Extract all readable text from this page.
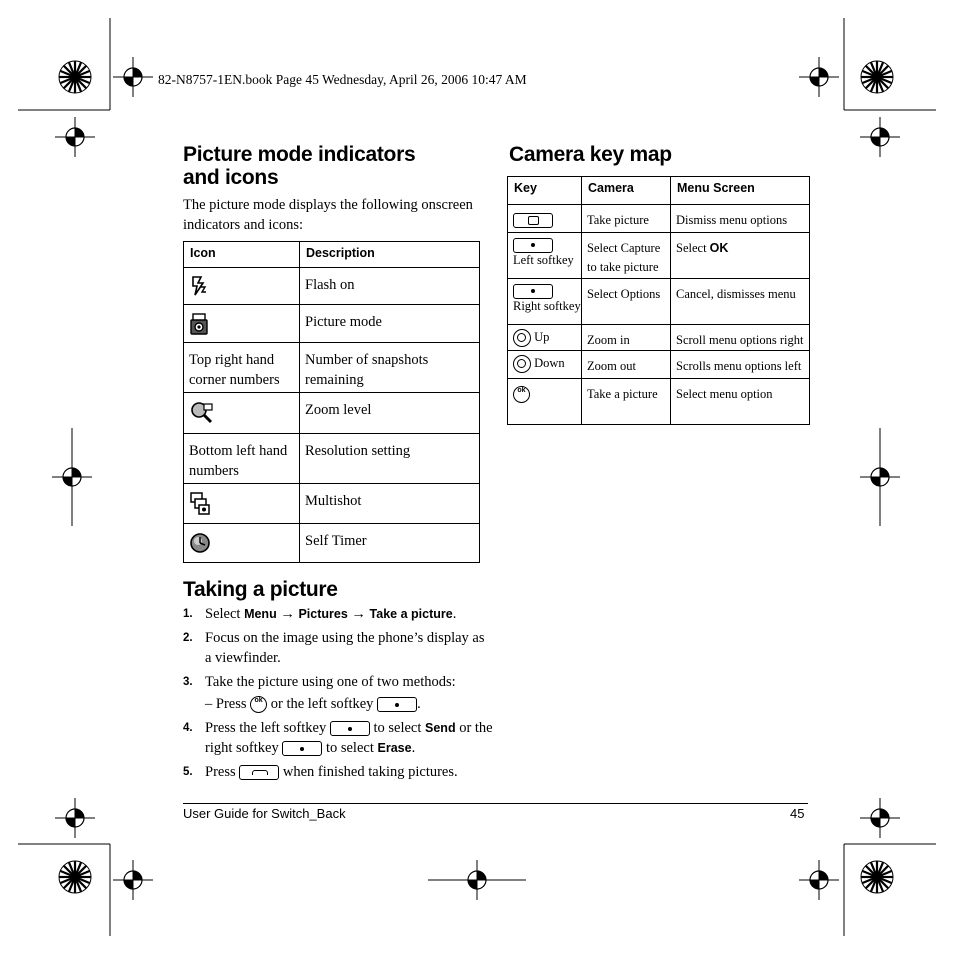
82-N8757-1EN.book Page 45 Wednesday, April 26, 2006 10:47 AM
Picture mode indicators
and icons
The picture mode displays the following onscreen indicators and icons:
Icon	Description
	Flash on
	Picture mode
Top right hand corner numbers	Number of snapshots remaining
	Zoom level
Bottom left hand numbers	Resolution setting
	Multishot
	Self Timer
Taking a picture
1. Select Menu → Pictures → Take a picture.
2. Focus on the image using the phone’s display as a viewfinder.
3. Take the picture using one of two methods:
– Press ok or the left softkey	.
4. Press the left softkey	to select Send or the right softkey	to select Erase.
5. Press	when finished taking pictures.
Camera key map
Key	Camera	Menu Screen
	Take picture	Dismiss menu options

Left softkey	Select Capture to take picture	Select OK

Right softkey	Select Options	Cancel, dismisses menu
Up	Zoom in	Scroll menu options right
Down	Zoom out	Scrolls menu options left
ok	Take a picture	Select menu option
User Guide for Switch_Back	45
